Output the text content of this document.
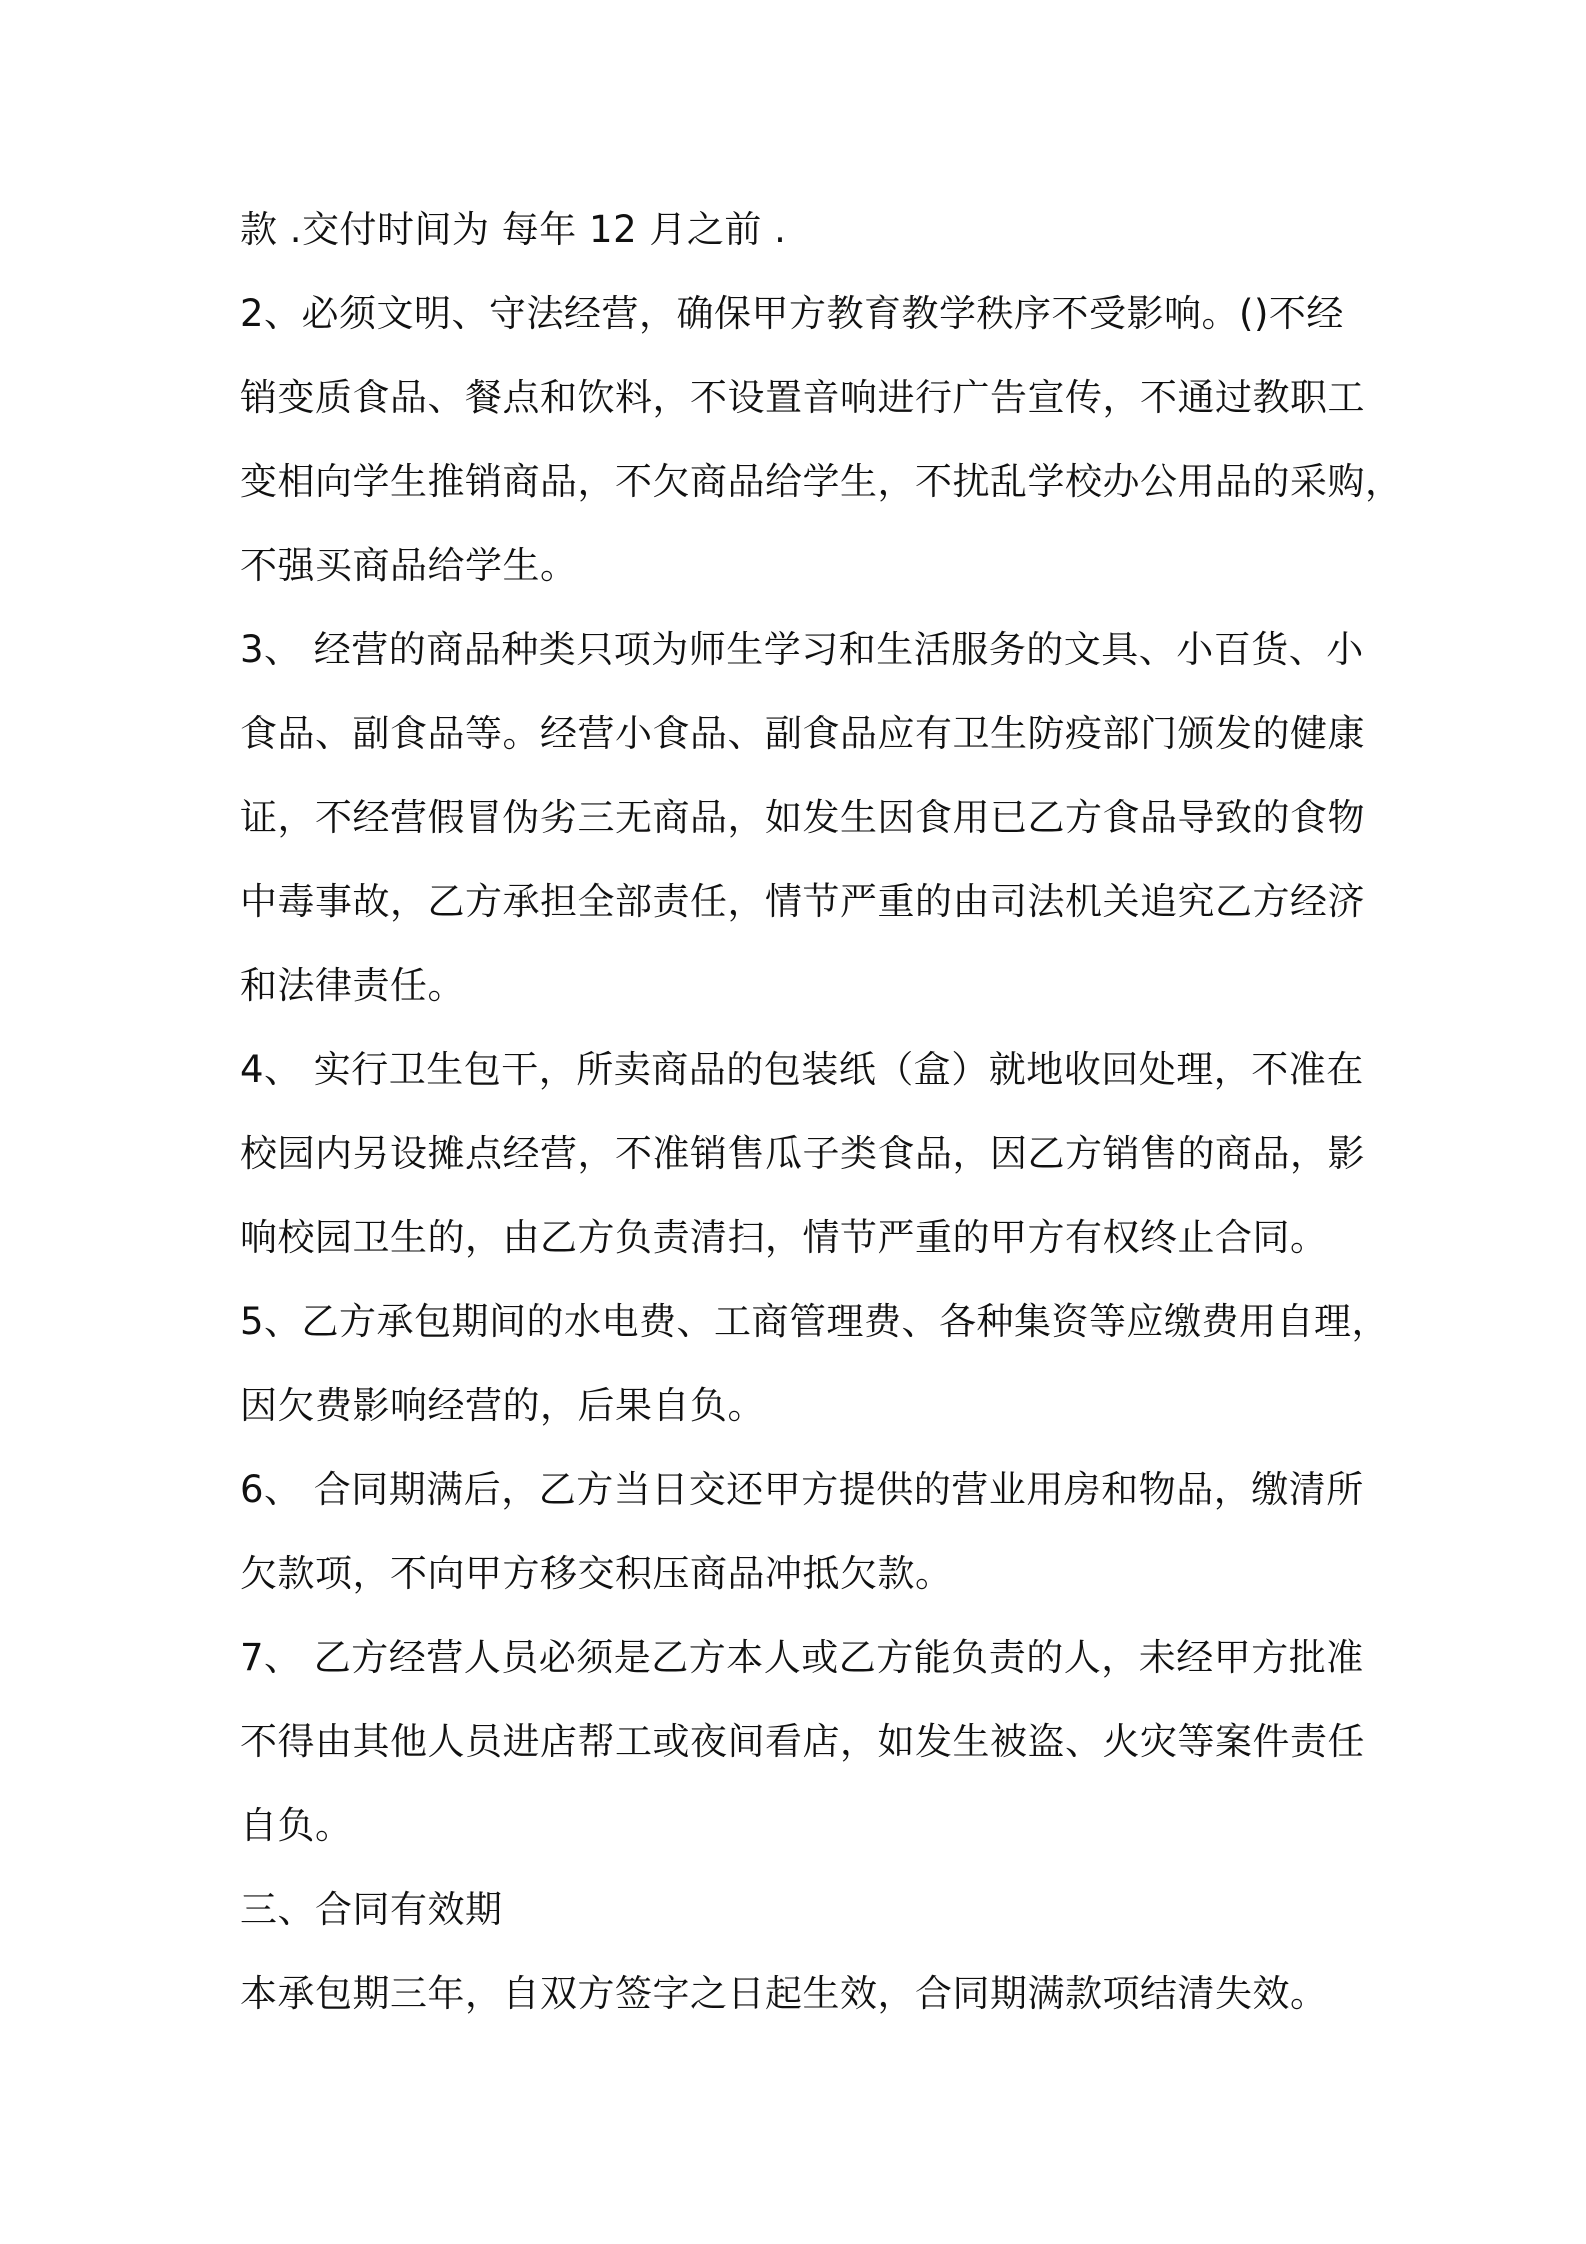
款 .交付时间为 每年 12 月之前 .
2、必须文明、守法经营，确保甲方教育教学秩序不受影响。()不经
销变质食品、餐点和饮料，不设置音响进行广告宣传，不通过教职工
变相向学生推销商品，不欠商品给学生，不扰乱学校办公用品的采购，
不强买商品给学生。
3、 经营的商品种类只项为师生学习和生活服务的文具、小百货、小
食品、副食品等。经营小食品、副食品应有卫生防疫部门颁发的健康
证，不经营假冒伪劣三无商品，如发生因食用已乙方食品导致的食物
中毒事故，乙方承担全部责任，情节严重的由司法机关追究乙方经济
和法律责任。
4、 实行卫生包干，所卖商品的包装纸（盒）就地收回处理，不准在
校园内另设摊点经营，不准销售瓜子类食品，因乙方销售的商品，影
响校园卫生的，由乙方负责清扫，情节严重的甲方有权终止合同。
5、乙方承包期间的水电费、工商管理费、各种集资等应缴费用自理，
因欠费影响经营的，后果自负。
6、 合同期满后，乙方当日交还甲方提供的营业用房和物品，缴清所
欠款项，不向甲方移交积压商品冲抵欠款。
7、 乙方经营人员必须是乙方本人或乙方能负责的人，未经甲方批准
不得由其他人员进店帮工或夜间看店，如发生被盗、火灾等案件责任
自负。
三、合同有效期
本承包期三年，自双方签字之日起生效，合同期满款项结清失效。
